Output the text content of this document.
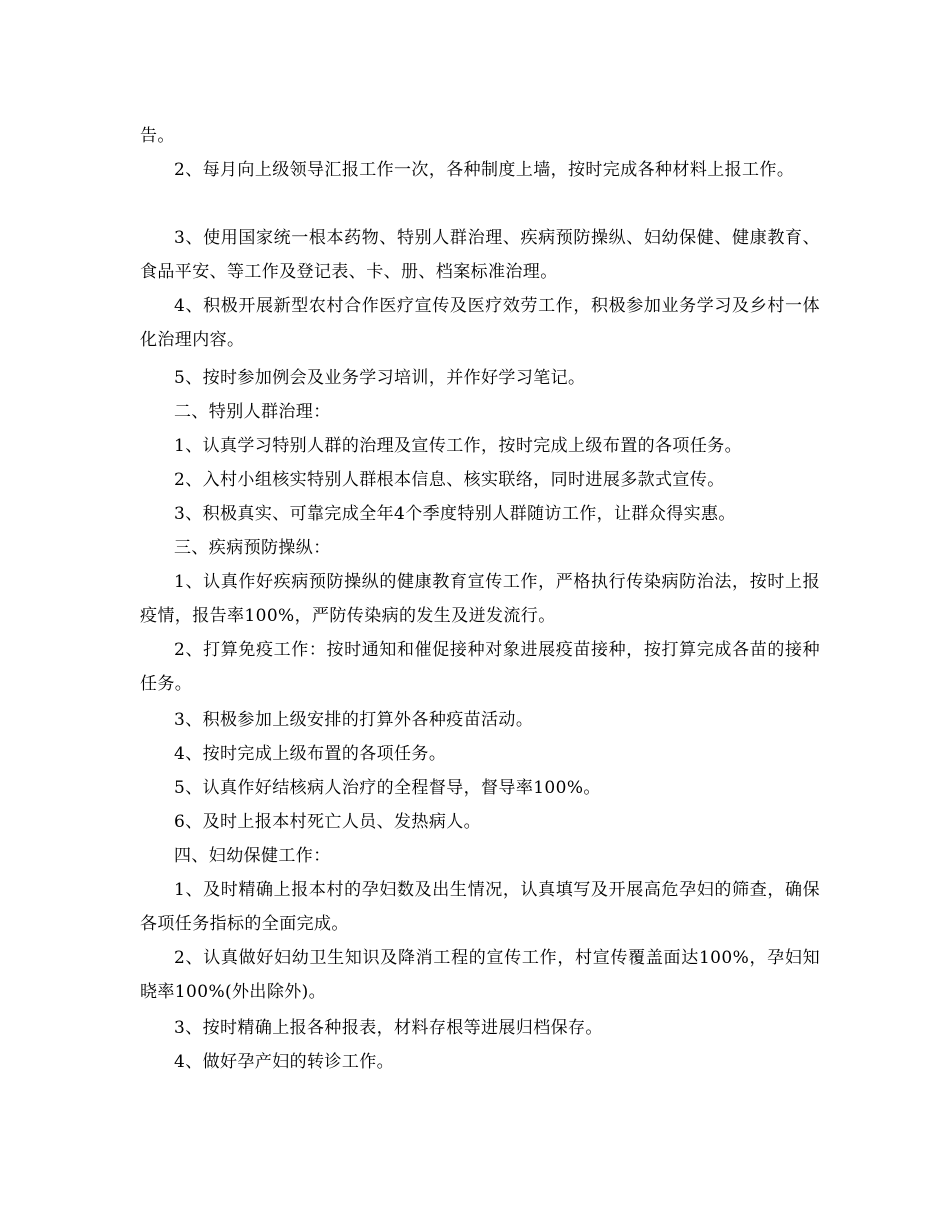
告。

2、每月向上级领导汇报工作一次，各种制度上墙，按时完成各种材料上报工作。

3、使用国家统一根本药物、特别人群治理、疾病预防操纵、妇幼保健、健康教育、食品平安、等工作及登记表、卡、册、档案标准治理。

4、积极开展新型农村合作医疗宣传及医疗效劳工作，积极参加业务学习及乡村一体化治理内容。

5、按时参加例会及业务学习培训，并作好学习笔记。

二、特别人群治理：

1、认真学习特别人群的治理及宣传工作，按时完成上级布置的各项任务。

2、入村小组核实特别人群根本信息、核实联络，同时进展多款式宣传。

3、积极真实、可靠完成全年4个季度特别人群随访工作，让群众得实惠。

三、疾病预防操纵：

1、认真作好疾病预防操纵的健康教育宣传工作，严格执行传染病防治法，按时上报疫情，报告率100%，严防传染病的发生及迸发流行。

2、打算免疫工作：按时通知和催促接种对象进展疫苗接种，按打算完成各苗的接种任务。

3、积极参加上级安排的打算外各种疫苗活动。

4、按时完成上级布置的各项任务。

5、认真作好结核病人治疗的全程督导，督导率100%。

6、及时上报本村死亡人员、发热病人。

四、妇幼保健工作：

1、及时精确上报本村的孕妇数及出生情况，认真填写及开展高危孕妇的筛查，确保各项任务指标的全面完成。

2、认真做好妇幼卫生知识及降消工程的宣传工作，村宣传覆盖面达100%，孕妇知晓率100%(外出除外)。

3、按时精确上报各种报表，材料存根等进展归档保存。

4、做好孕产妇的转诊工作。
